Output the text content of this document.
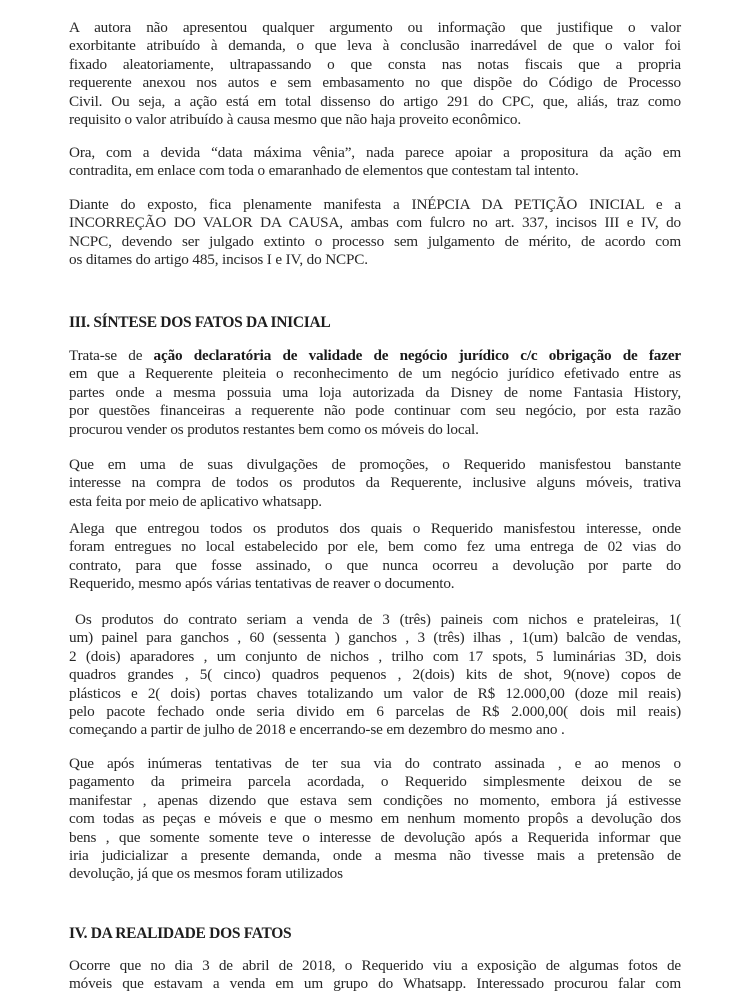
A autora não apresentou qualquer argumento ou informação que justifique o valor
exorbitante atribuído à demanda, o que leva à conclusão inarredável de que o valor foi
fixado aleatoriamente, ultrapassando o que consta nas notas fiscais que a propria
requerente anexou nos autos e sem embasamento no que dispõe do Código de Processo
Civil. Ou seja, a ação está em total dissenso do artigo 291 do CPC, que, aliás, traz como
requisito o valor atribuído à causa mesmo que não haja proveito econômico.
Ora, com a devida “data máxima vênia”, nada parece apoiar a propositura da ação em
contradita, em enlace com toda o emaranhado de elementos que contestam tal intento.
Diante do exposto, fica plenamente manifesta a INÉPCIA DA PETIÇÃO INICIAL e a
INCORREÇÃO DO VALOR DA CAUSA, ambas com fulcro no art. 337, incisos III e IV, do
NCPC, devendo ser julgado extinto o processo sem julgamento de mérito, de acordo com
os ditames do artigo 485, incisos I e IV, do NCPC.
III. SÍNTESE DOS FATOS DA INICIAL
Trata-se de ação declaratória de validade de negócio jurídico c/c obrigação de fazer
em que a Requerente pleiteia o reconhecimento de um negócio jurídico efetivado entre as
partes onde a mesma possuia uma loja autorizada da Disney de nome Fantasia History,
por questões financeiras a requerente não pode continuar com seu negócio, por esta razão
procurou vender os produtos restantes bem como os móveis do local.
Que em uma de suas divulgações de promoções, o Requerido manisfestou banstante
interesse na compra de todos os produtos da Requerente, inclusive alguns móveis, trativa
esta feita por meio de aplicativo whatsapp.
Alega que entregou todos os produtos dos quais o Requerido manisfestou interesse, onde
foram entregues no local estabelecido por ele, bem como fez uma entrega de 02 vias do
contrato, para que fosse assinado, o que nunca ocorreu a devolução por parte do
Requerido, mesmo após várias tentativas de reaver o documento.
Os produtos do contrato seriam a venda de 3 (três) paineis com nichos e prateleiras, 1(
um) painel para ganchos , 60 (sessenta ) ganchos , 3 (três) ilhas , 1(um) balcão de vendas,
2 (dois) aparadores , um conjunto de nichos , trilho com 17 spots, 5 luminárias 3D, dois
quadros grandes , 5( cinco) quadros pequenos , 2(dois) kits de shot, 9(nove) copos de
plásticos e 2( dois) portas chaves totalizando um valor de R$ 12.000,00 (doze mil reais)
pelo pacote fechado onde seria divido em 6 parcelas de R$ 2.000,00( dois mil reais)
começando a partir de julho de 2018 e encerrando-se em dezembro do mesmo ano .
Que após inúmeras tentativas de ter sua via do contrato assinada , e ao menos o
pagamento da primeira parcela acordada, o Requerido simplesmente deixou de se
manifestar , apenas dizendo que estava sem condições no momento, embora já estivesse
com todas as peças e móveis e que o mesmo em nenhum momento propôs a devolução dos
bens , que somente somente teve o interesse de devolução após a Requerida informar que
iria judicializar a presente demanda, onde a mesma não tivesse mais a pretensão de
devolução, já que os mesmos foram utilizados
IV. DA REALIDADE DOS FATOS
Ocorre que no dia 3 de abril de 2018, o Requerido viu a exposição de algumas fotos de
móveis que estavam a venda em um grupo do Whatsapp. Interessado procurou falar com
